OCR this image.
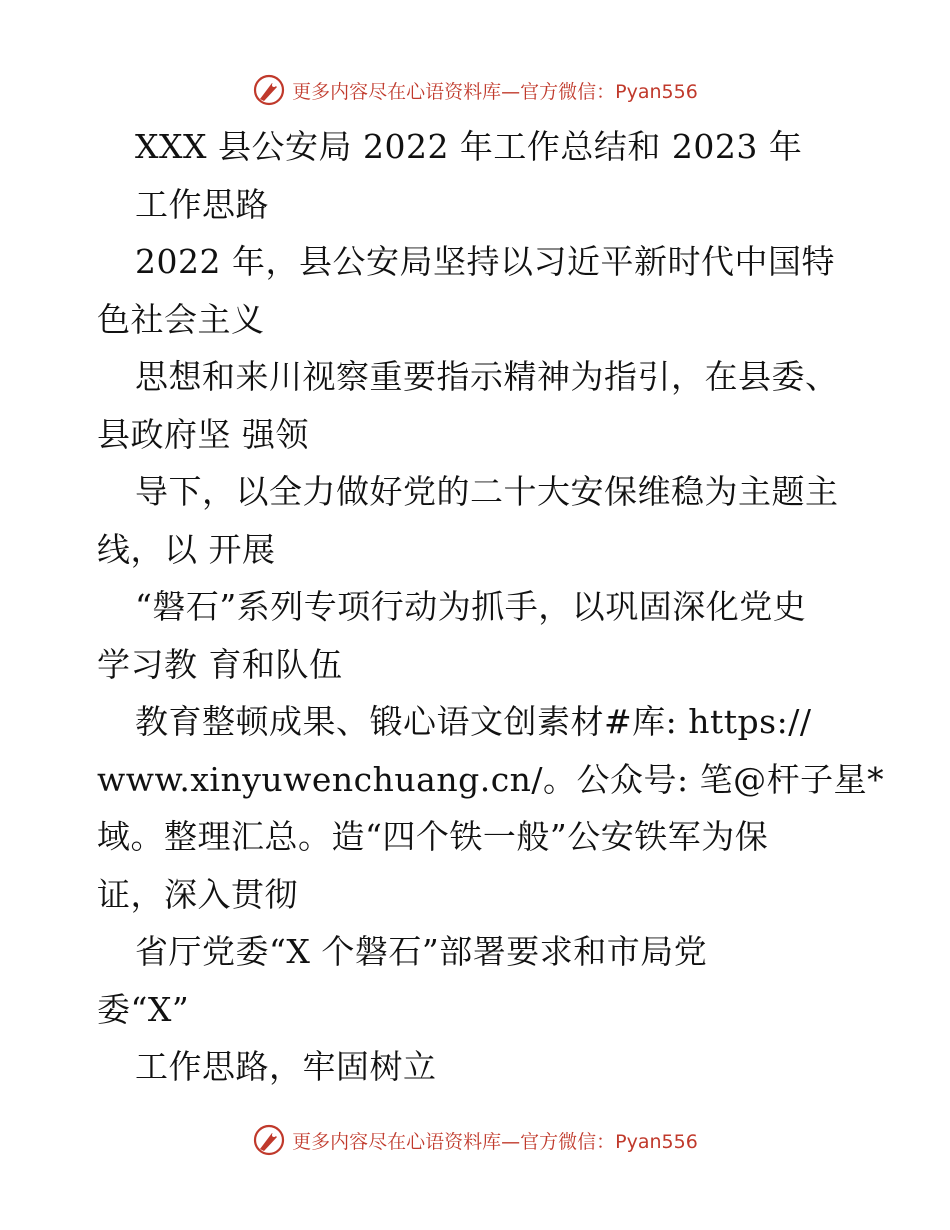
更多内容尽在心语资料库—官方微信：Pyan556
XXX 县公安局 2022 年工作总结和 2023 年
工作思路
2022 年，县公安局坚持以习近平新时代中国特
色社会主义
思想和来川视察重要指示精神为指引，在县委、
县政府坚 强领
导下，以全力做好党的二十大安保维稳为主题主
线，以 开展
“磐石”系列专项行动为抓手，以巩固深化党史
学习教 育和队伍
教育整顿成果、锻心语文创素材#库: https://
www.xinyuwenchuang.cn/。公众号: 笔@杆子星*
域。整理汇总。造“四个铁一般”公安铁军为保
证，深入贯彻
省厅党委“X 个磐石”部署要求和市局党
委“X”
工作思路，牢固树立
更多内容尽在心语资料库—官方微信：Pyan556
